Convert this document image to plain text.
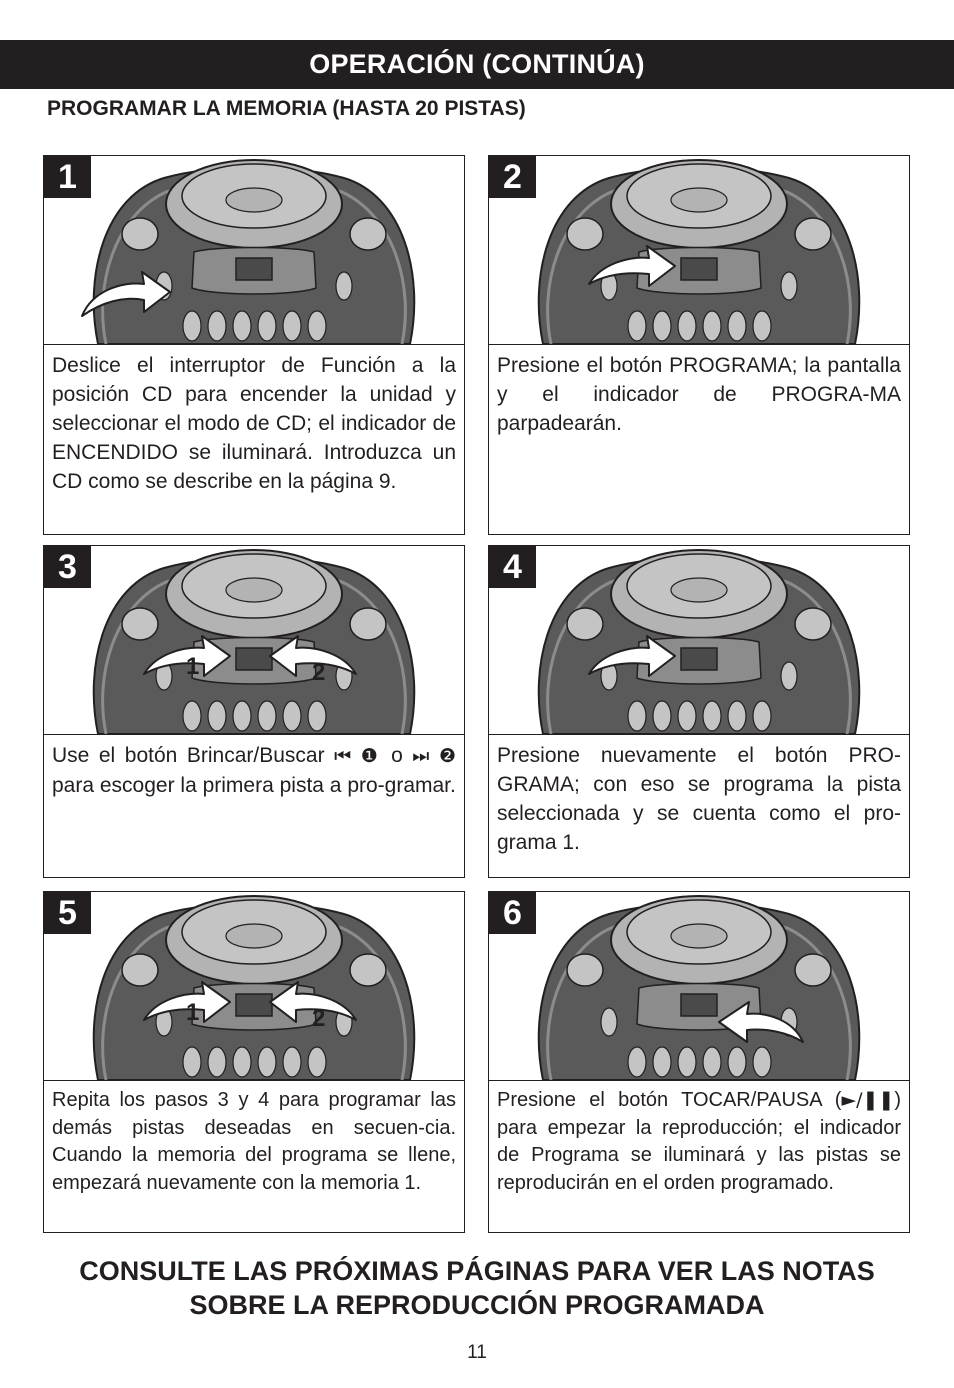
OPERACIÓN (CONTINÚA)
PROGRAMAR LA MEMORIA (HASTA 20 PISTAS)
1
Deslice el interruptor de Función a la posición CD para encender la unidad y seleccionar el modo de CD; el indicador de ENCENDIDO se iluminará. Introduzca un CD como se describe en la página 9.
2
Presione el botón PROGRAMA; la pantalla y el indicador de PROGRA-MA parpadearán.
3
1	2
Use el botón Brincar/Buscar ⏮ ❶ o ⏭ ❷ para escoger la primera pista a pro-gramar.
4
Presione nuevamente el botón PRO-GRAMA; con eso se programa la pista seleccionada y se cuenta como el pro-grama 1.
5
1	2
Repita los pasos 3 y 4 para programar las demás pistas deseadas en secuen-cia. Cuando la memoria del programa se llene, empezará nuevamente con la memoria 1.
6
Presione el botón TOCAR/PAUSA (►/❚❚) para empezar la reproducción; el indicador de Programa se iluminará y las pistas se reproducirán en el orden programado.
CONSULTE LAS PRÓXIMAS PÁGINAS PARA VER LAS NOTAS
SOBRE LA REPRODUCCIÓN PROGRAMADA
11
